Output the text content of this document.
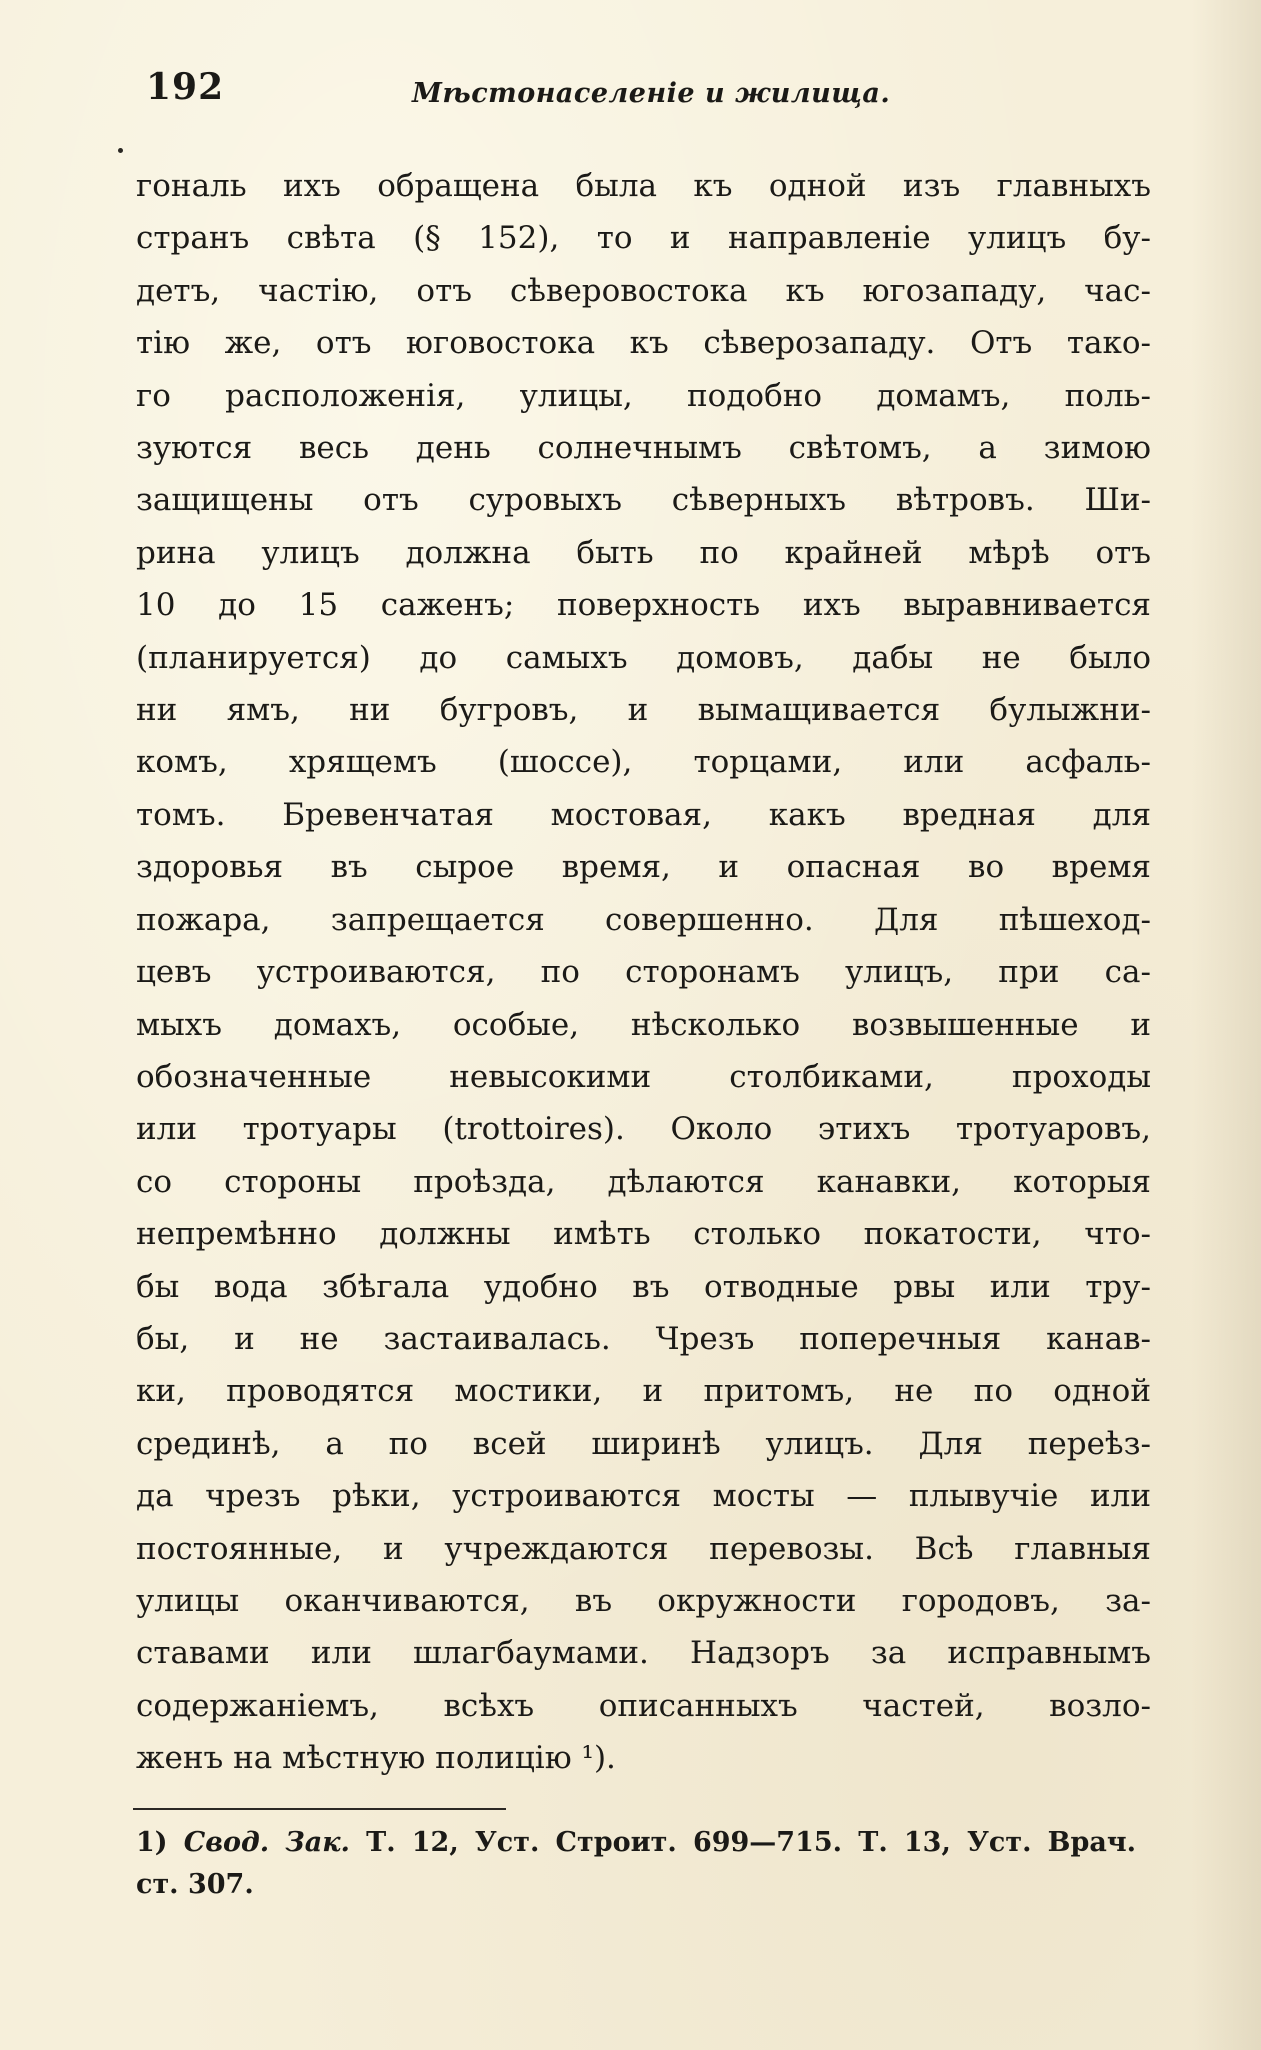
192	Мѣстонаселеніе и жилища.
гональ ихъ обращена была къ одной изъ главныхъ
странъ свѣта (§ 152), то и направленіе улицъ бу-
детъ, частію, отъ сѣверовостока къ югозападу, час-
тію же, отъ юговостока къ сѣверозападу. Отъ тако-
го расположенія, улицы, подобно домамъ, поль-
зуются весь день солнечнымъ свѣтомъ, а зимою
защищены отъ суровыхъ сѣверныхъ вѣтровъ. Ши-
рина улицъ должна быть по крайней мѣрѣ отъ
10 до 15 саженъ; поверхность ихъ выравнивается
(планируется) до самыхъ домовъ, дабы не было
ни ямъ, ни бугровъ, и вымащивается булыжни-
комъ, хрящемъ (шоссе), торцами, или асфаль-
томъ. Бревенчатая мостовая, какъ вредная для
здоровья въ сырое время, и опасная во время
пожара, запрещается совершенно. Для пѣшеход-
цевъ устроиваются, по сторонамъ улицъ, при са-
мыхъ домахъ, особые, нѣсколько возвышенные и
обозначенные невысокими столбиками, проходы
или тротуары (trottoires). Около этихъ тротуаровъ,
со стороны проѣзда, дѣлаются канавки, которыя
непремѣнно должны имѣть столько покатости, что-
бы вода збѣгала удобно въ отводные рвы или тру-
бы, и не застаивалась. Чрезъ поперечныя канав-
ки, проводятся мостики, и притомъ, не по одной
срединѣ, а по всей ширинѣ улицъ. Для переѣз-
да чрезъ рѣки, устроиваются мосты — плывучіе или
постоянные, и учреждаются перевозы. Всѣ главныя
улицы оканчиваются, въ окружности городовъ, за-
ставами или шлагбаумами. Надзоръ за исправнымъ
содержаніемъ, всѣхъ описанныхъ частей, возло-
женъ на мѣстную полицію ¹).
1) Свод. Зак. Т. 12, Уст. Строит. 699—715. Т. 13, Уст. Врач.
ст. 307.
